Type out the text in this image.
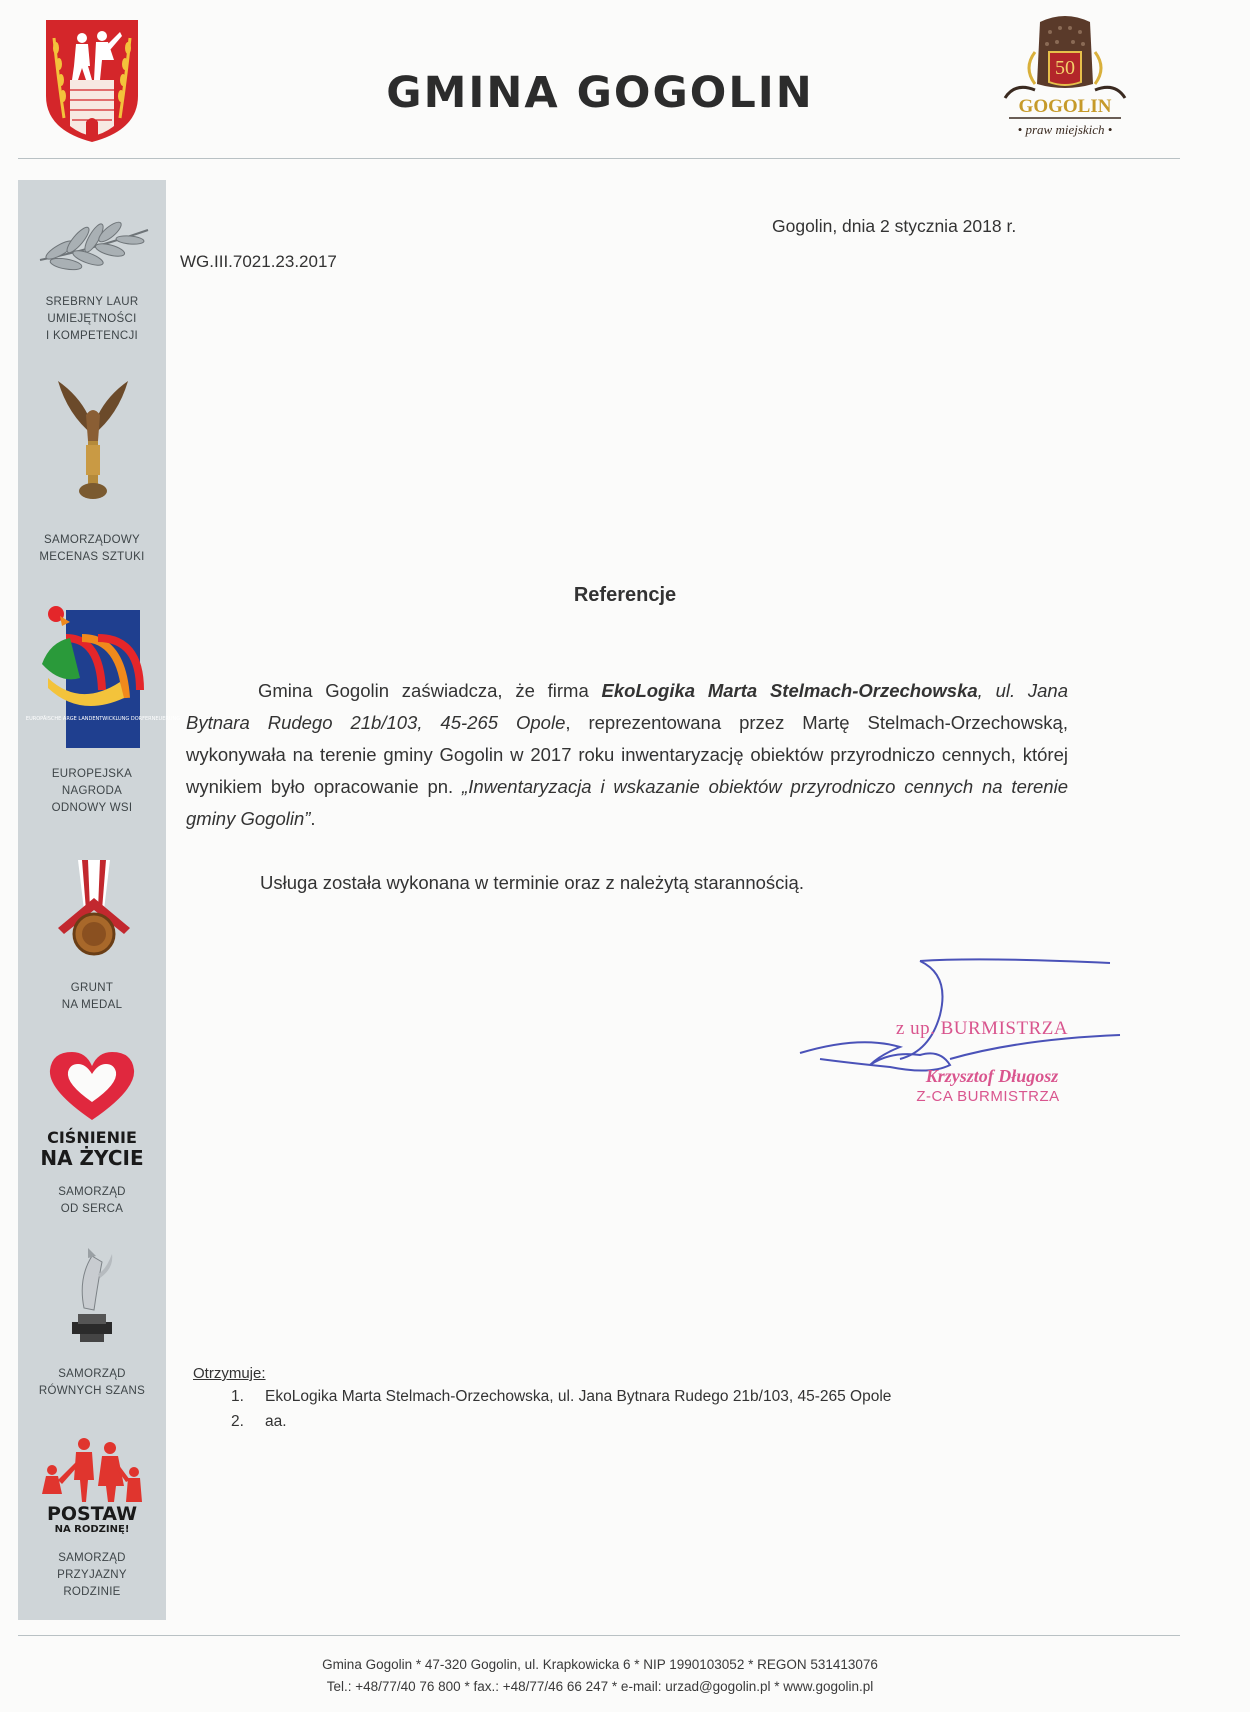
GMINA GOGOLIN	50
GOGOLIN
• praw miejskich •
SREBRNY LAUR
UMIEJĘTNOŚCI
I KOMPETENCJI
SAMORZĄDOWY
MECENAS SZTUKI
EUROPÄISCHE ARGE LANDENTWICKLUNG DORFERNEUERUNG
EUROPEJSKA
NAGRODA
ODNOWY WSI
GRUNT
NA MEDAL
CIŚNIENIE
NA ŻYCIE
SAMORZĄD
OD SERCA
SAMORZĄD
RÓWNYCH SZANS
POSTAW
NA RODZINĘ!
SAMORZĄD
PRZYJAZNY
RODZINIE
Gogolin, dnia 2 stycznia 2018 r.
WG.III.7021.23.2017
Referencje
Gmina Gogolin zaświadcza, że firma EkoLogika Marta Stelmach-Orzechowska, ul. Jana Bytnara Rudego 21b/103, 45-265 Opole, reprezentowana przez Martę Stelmach-Orzechowską, wykonywała na terenie gminy Gogolin w 2017 roku inwentaryzację obiektów przyrodniczo cennych, której wynikiem było opracowanie pn. „Inwentaryzacja i wskazanie obiektów przyrodniczo cennych na terenie gminy Gogolin”.
Usługa została wykonana w terminie oraz z należytą starannością.
z up. BURMISTRZA
Krzysztof Długosz
Z-CA BURMISTRZA
Otrzymuje:
1.	EkoLogika Marta Stelmach-Orzechowska, ul. Jana Bytnara Rudego 21b/103, 45-265 Opole
2.	aa.
Gmina Gogolin * 47-320 Gogolin, ul. Krapkowicka 6 * NIP 1990103052 * REGON 531413076
Tel.: +48/77/40 76 800 * fax.: +48/77/46 66 247 * e-mail: urzad@gogolin.pl * www.gogolin.pl
